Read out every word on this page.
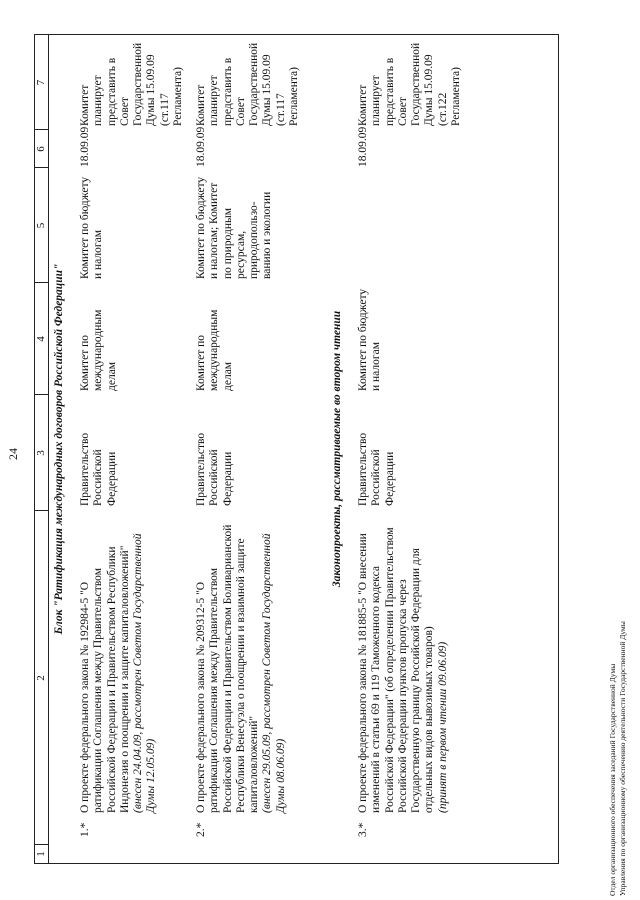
24
1
2
3
4
5
6
7
Блок "Ратификация международных договоров Российской Федерации"
1.*
О проекте федерального закона № 192984-5 "О ратификации Соглашения между Правительством Российской Федерации и Правительством Республики Индонезия о поощрении и защите капиталовложений" (внесен 24.04.09, рассмотрен Советом Государственной Думы 12.05.09)
Правительство Российской Федерации
Комитет по международным делам
Комитет по бюджету и налогам
18.09.09
Комитет планирует представить в Совет Государственной Думы 15.09.09 (ст.117 Регламента)
2.*
О проекте федерального закона № 209312-5 "О ратификации Соглашения между Правительством Российской Федерации и Правительством Боливарианской Республики Венесуэла о поощрении и взаимной защите капиталовложений" (внесен 29.05.09, рассмотрен Советом Государственной Думы 08.06.09)
Правительство Российской Федерации
Комитет по международным делам
Комитет по бюджету и налогам; Комитет по природным ресурсам, природопользо- ванию и экологии
18.09.09
Комитет планирует представить в Совет Государственной Думы 15.09.09 (ст.117 Регламента)
Законопроекты, рассматриваемые во втором чтении
3.*
О проекте федерального закона № 181885-5 "О внесении изменений в статьи 69 и 119 Таможенного кодекса Российской Федерации" (об определении Правительством Российской Федерации пунктов пропуска через Государственную границу Российской Федерации для отдельных видов вывозимых товаров) (принят в первом чтении 09.06.09)
Правительство Российской Федерации
Комитет по бюджету и налогам
18.09.09
Комитет планирует представить в Совет Государственной Думы 15.09.09 (ст.122 Регламента)
Отдел организационного обеспечения заседаний Государственной Думы Управления по организационному обеспечению деятельности Государственной Думы
